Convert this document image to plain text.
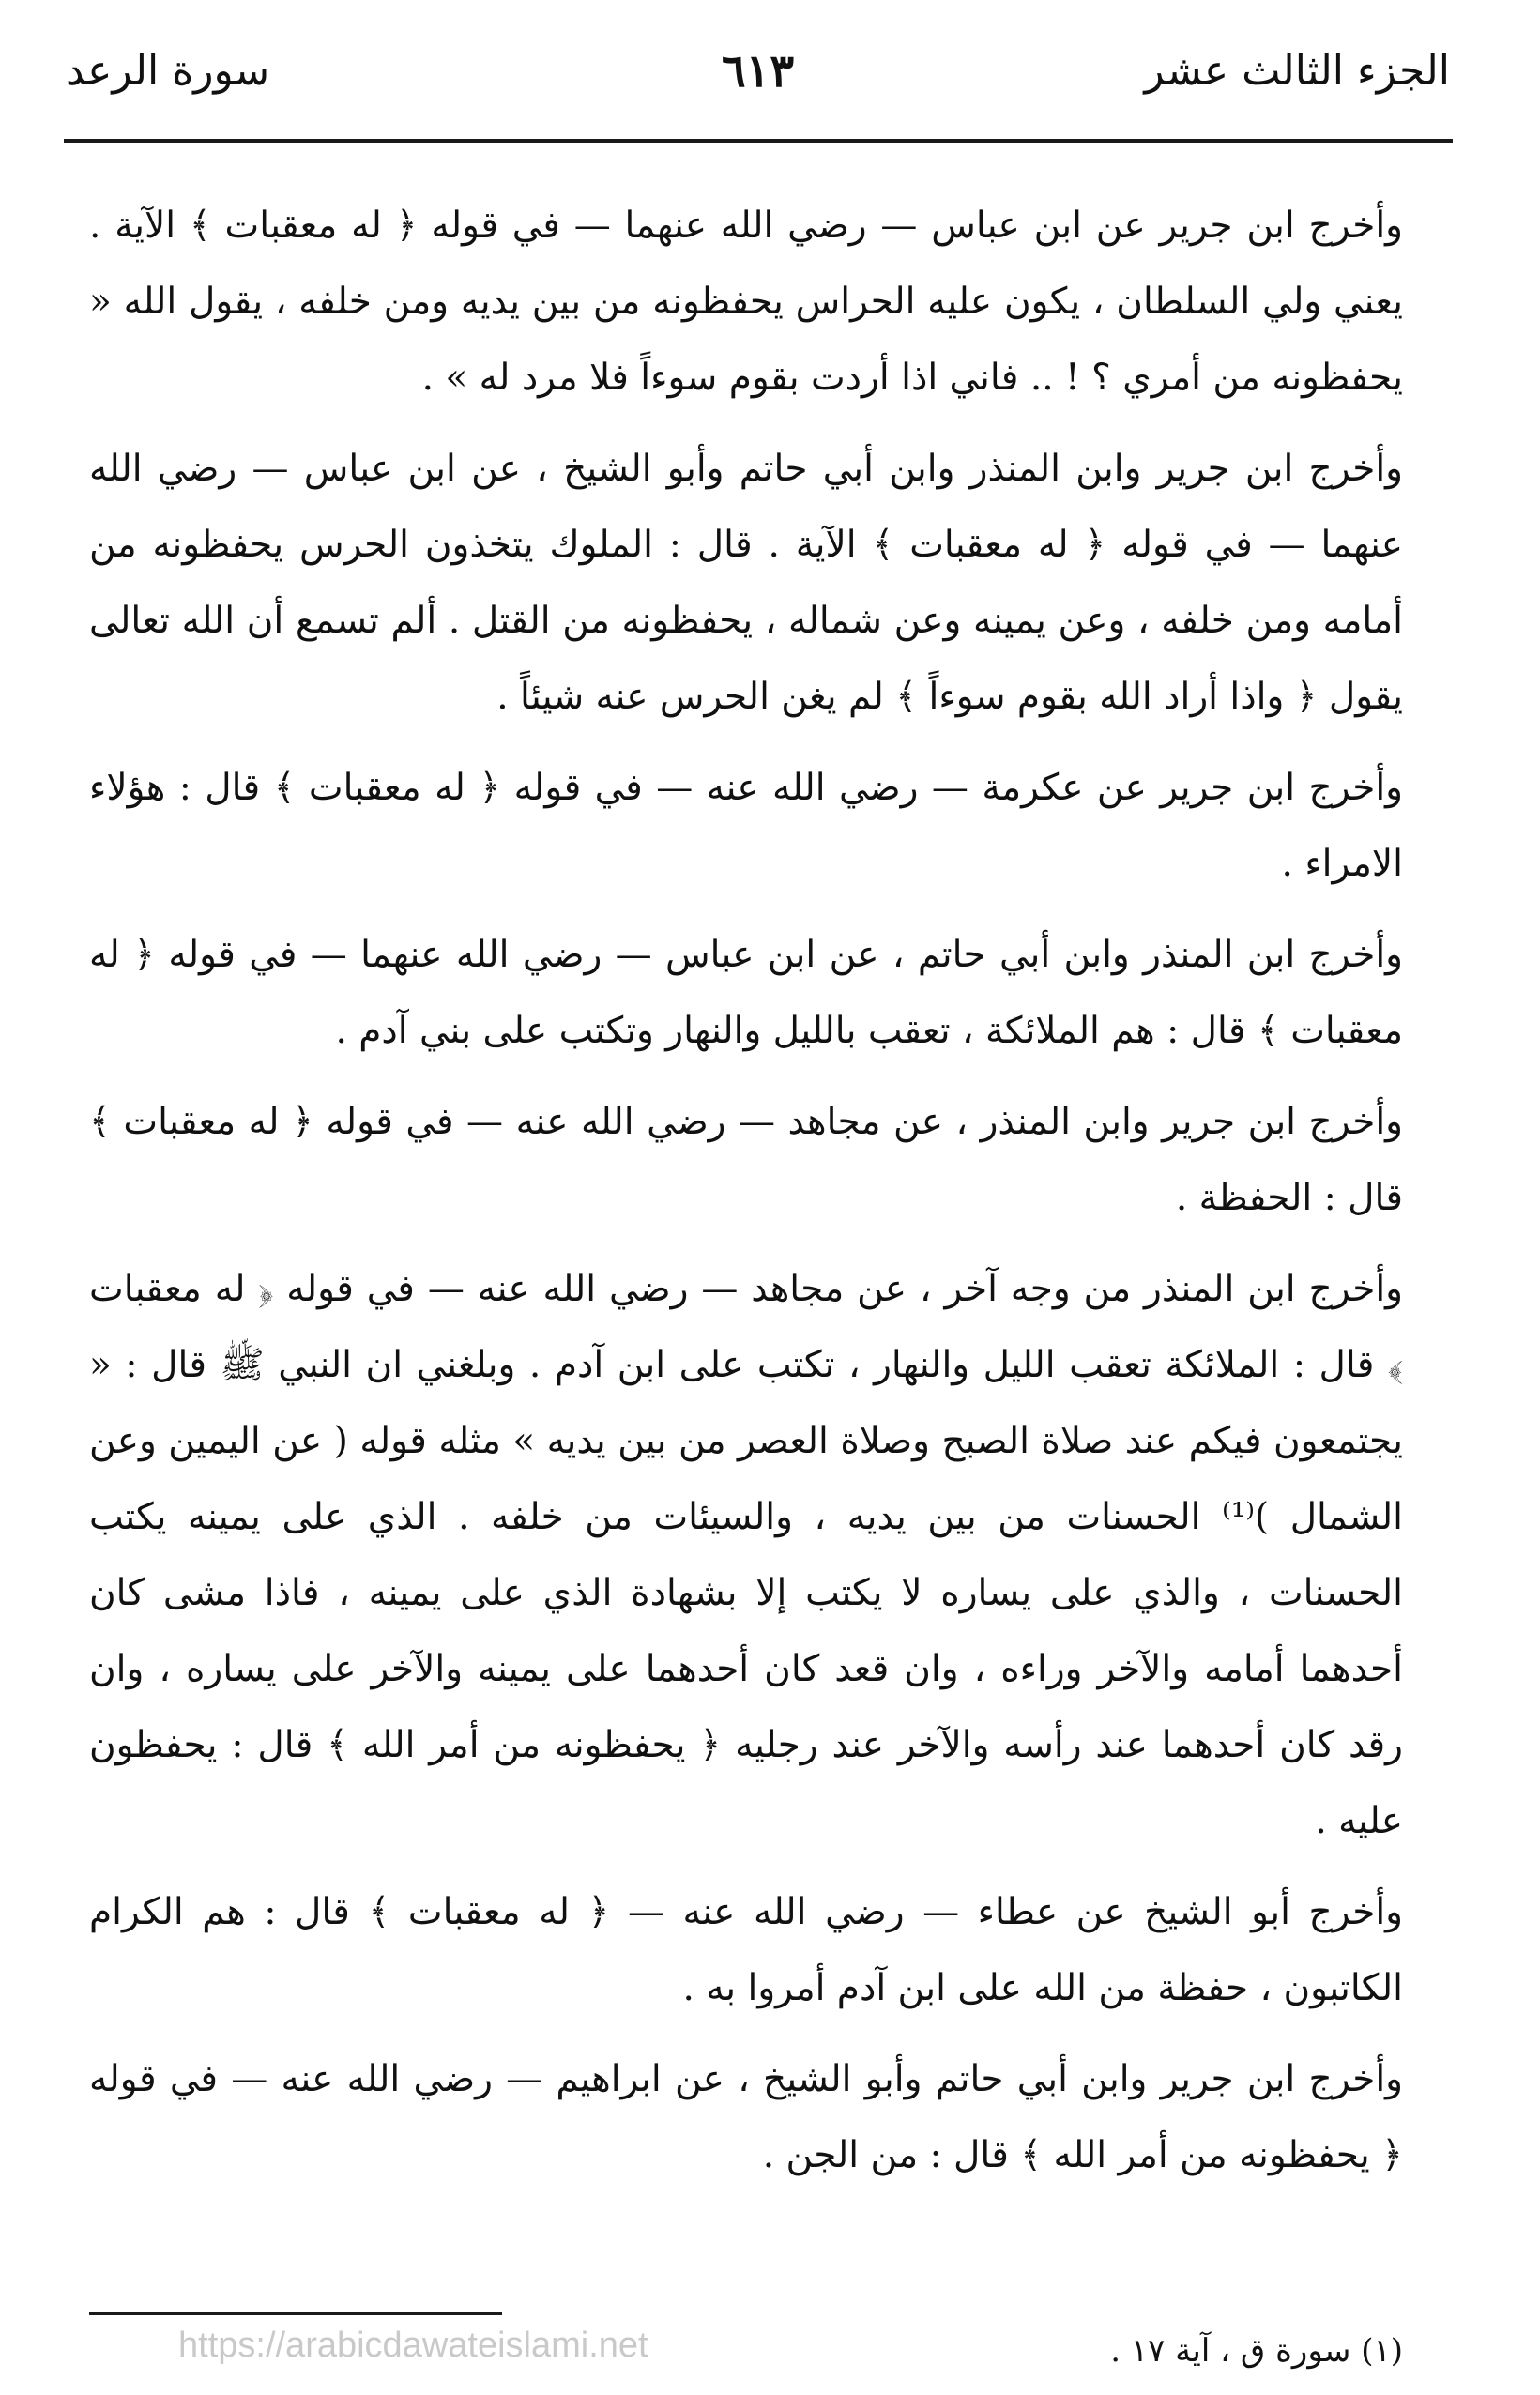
الجزء الثالث عشر
٦١٣
سورة الرعد

وأخرج ابن جرير عن ابن عباس — رضي الله عنهما — في قوله ﴿ له معقبات ﴾ الآية . يعني ولي السلطان ، يكون عليه الحراس يحفظونه من بين يديه ومن خلفه ، يقول الله « يحفظونه من أمري ؟ ! .. فاني اذا أردت بقوم سوءاً فلا مرد له » .

وأخرج ابن جرير وابن المنذر وابن أبي حاتم وأبو الشيخ ، عن ابن عباس — رضي الله عنهما — في قوله ﴿ له معقبات ﴾ الآية . قال : الملوك يتخذون الحرس يحفظونه من أمامه ومن خلفه ، وعن يمينه وعن شماله ، يحفظونه من القتل . ألم تسمع أن الله تعالى يقول ﴿ واذا أراد الله بقوم سوءاً ﴾ لم يغن الحرس عنه شيئاً .

وأخرج ابن جرير عن عكرمة — رضي الله عنه — في قوله ﴿ له معقبات ﴾ قال : هؤلاء الامراء .

وأخرج ابن المنذر وابن أبي حاتم ، عن ابن عباس — رضي الله عنهما — في قوله ﴿ له معقبات ﴾ قال : هم الملائكة ، تعقب بالليل والنهار وتكتب على بني آدم .

وأخرج ابن جرير وابن المنذر ، عن مجاهد — رضي الله عنه — في قوله ﴿ له معقبات ﴾ قال : الحفظة .

وأخرج ابن المنذر من وجه آخر ، عن مجاهد — رضي الله عنه — في قوله ﴿ له معقبات ﴾ قال : الملائكة تعقب الليل والنهار ، تكتب على ابن آدم . وبلغني ان النبي ﷺ قال : « يجتمعون فيكم عند صلاة الصبح وصلاة العصر من بين يديه » مثله قوله ( عن اليمين وعن الشمال )⁽¹⁾ الحسنات من بين يديه ، والسيئات من خلفه . الذي على يمينه يكتب الحسنات ، والذي على يساره لا يكتب إلا بشهادة الذي على يمينه ، فاذا مشى كان أحدهما أمامه والآخر وراءه ، وان قعد كان أحدهما على يمينه والآخر على يساره ، وان رقد كان أحدهما عند رأسه والآخر عند رجليه ﴿ يحفظونه من أمر الله ﴾ قال : يحفظون عليه .

وأخرج أبو الشيخ عن عطاء — رضي الله عنه — ﴿ له معقبات ﴾ قال : هم الكرام الكاتبون ، حفظة من الله على ابن آدم أمروا به .

وأخرج ابن جرير وابن أبي حاتم وأبو الشيخ ، عن ابراهيم — رضي الله عنه — في قوله ﴿ يحفظونه من أمر الله ﴾ قال : من الجن .

(١) سورة ق ، آية ١٧ .
https://arabicdawateislami.net
